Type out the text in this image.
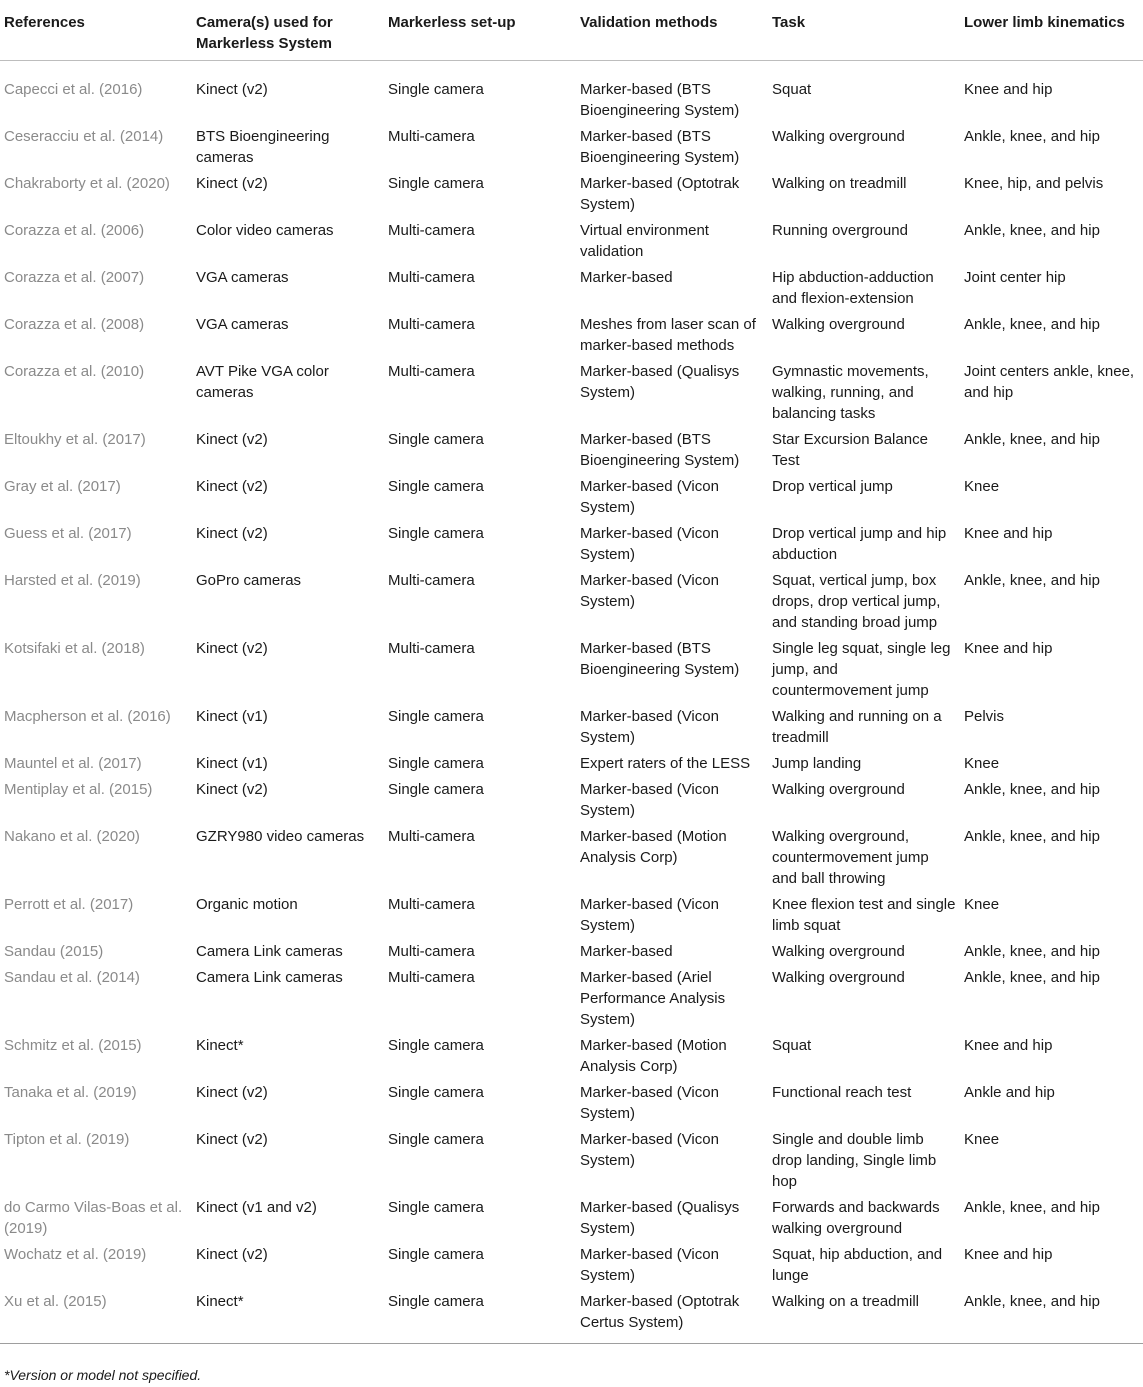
References	Camera(s) used for Markerless System	Markerless set-up	Validation methods	Task	Lower limb kinematics
Capecci et al. (2016)	Kinect (v2)	Single camera	Marker-based (BTS Bioengineering System)	Squat	Knee and hip
Ceseracciu et al. (2014)	BTS Bioengineering cameras	Multi-camera	Marker-based (BTS Bioengineering System)	Walking overground	Ankle, knee, and hip
Chakraborty et al. (2020)	Kinect (v2)	Single camera	Marker-based (Optotrak System)	Walking on treadmill	Knee, hip, and pelvis
Corazza et al. (2006)	Color video cameras	Multi-camera	Virtual environment validation	Running overground	Ankle, knee, and hip
Corazza et al. (2007)	VGA cameras	Multi-camera	Marker-based	Hip abduction-adduction and flexion-extension	Joint center hip
Corazza et al. (2008)	VGA cameras	Multi-camera	Meshes from laser scan of marker-based methods	Walking overground	Ankle, knee, and hip
Corazza et al. (2010)	AVT Pike VGA color cameras	Multi-camera	Marker-based (Qualisys System)	Gymnastic movements, walking, running, and balancing tasks	Joint centers ankle, knee, and hip
Eltoukhy et al. (2017)	Kinect (v2)	Single camera	Marker-based (BTS Bioengineering System)	Star Excursion Balance Test	Ankle, knee, and hip
Gray et al. (2017)	Kinect (v2)	Single camera	Marker-based (Vicon System)	Drop vertical jump	Knee
Guess et al. (2017)	Kinect (v2)	Single camera	Marker-based (Vicon System)	Drop vertical jump and hip abduction	Knee and hip
Harsted et al. (2019)	GoPro cameras	Multi-camera	Marker-based (Vicon System)	Squat, vertical jump, box drops, drop vertical jump, and standing broad jump	Ankle, knee, and hip
Kotsifaki et al. (2018)	Kinect (v2)	Multi-camera	Marker-based (BTS Bioengineering System)	Single leg squat, single leg jump, and countermovement jump	Knee and hip
Macpherson et al. (2016)	Kinect (v1)	Single camera	Marker-based (Vicon System)	Walking and running on a treadmill	Pelvis
Mauntel et al. (2017)	Kinect (v1)	Single camera	Expert raters of the LESS	Jump landing	Knee
Mentiplay et al. (2015)	Kinect (v2)	Single camera	Marker-based (Vicon System)	Walking overground	Ankle, knee, and hip
Nakano et al. (2020)	GZRY980 video cameras	Multi-camera	Marker-based (Motion Analysis Corp)	Walking overground, countermovement jump and ball throwing	Ankle, knee, and hip
Perrott et al. (2017)	Organic motion	Multi-camera	Marker-based (Vicon System)	Knee flexion test and single limb squat	Knee
Sandau (2015)	Camera Link cameras	Multi-camera	Marker-based	Walking overground	Ankle, knee, and hip
Sandau et al. (2014)	Camera Link cameras	Multi-camera	Marker-based (Ariel Performance Analysis System)	Walking overground	Ankle, knee, and hip
Schmitz et al. (2015)	Kinect*	Single camera	Marker-based (Motion Analysis Corp)	Squat	Knee and hip
Tanaka et al. (2019)	Kinect (v2)	Single camera	Marker-based (Vicon System)	Functional reach test	Ankle and hip
Tipton et al. (2019)	Kinect (v2)	Single camera	Marker-based (Vicon System)	Single and double limb drop landing, Single limb hop	Knee
do Carmo Vilas-Boas et al. (2019)	Kinect (v1 and v2)	Single camera	Marker-based (Qualisys System)	Forwards and backwards walking overground	Ankle, knee, and hip
Wochatz et al. (2019)	Kinect (v2)	Single camera	Marker-based (Vicon System)	Squat, hip abduction, and lunge	Knee and hip
Xu et al. (2015)	Kinect*	Single camera	Marker-based (Optotrak Certus System)	Walking on a treadmill	Ankle, knee, and hip
*Version or model not specified.
